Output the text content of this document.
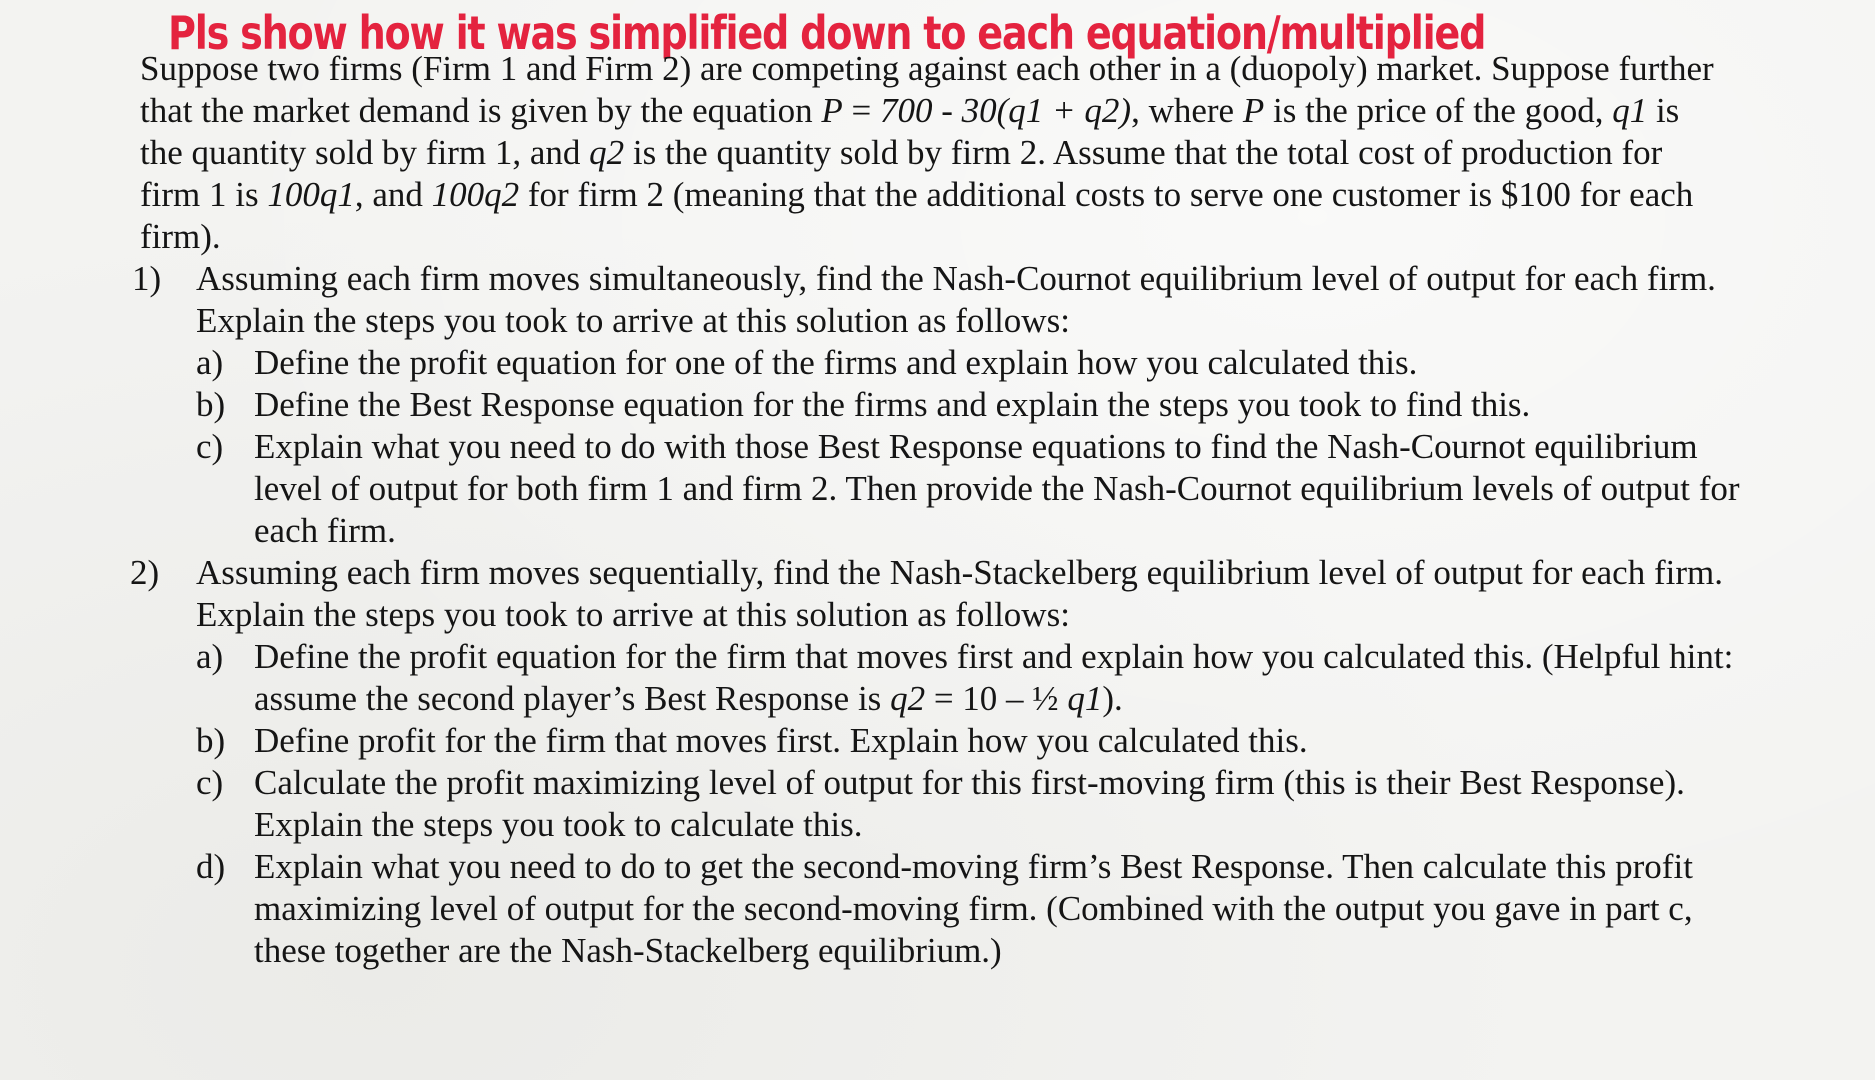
Pls show how it was simplified down to each equation/multiplied

Suppose two firms (Firm 1 and Firm 2) are competing against each other in a (duopoly) market. Suppose further that the market demand is given by the equation P = 700 - 30(q1 + q2), where P is the price of the good, q1 is the quantity sold by firm 1, and q2 is the quantity sold by firm 2. Assume that the total cost of production for firm 1 is 100q1, and 100q2 for firm 2 (meaning that the additional costs to serve one customer is $100 for each firm).

1) Assuming each firm moves simultaneously, find the Nash-Cournot equilibrium level of output for each firm. Explain the steps you took to arrive at this solution as follows:
a) Define the profit equation for one of the firms and explain how you calculated this.
b) Define the Best Response equation for the firms and explain the steps you took to find this.
c) Explain what you need to do with those Best Response equations to find the Nash-Cournot equilibrium level of output for both firm 1 and firm 2. Then provide the Nash-Cournot equilibrium levels of output for each firm.
2) Assuming each firm moves sequentially, find the Nash-Stackelberg equilibrium level of output for each firm. Explain the steps you took to arrive at this solution as follows:
a) Define the profit equation for the firm that moves first and explain how you calculated this. (Helpful hint: assume the second player’s Best Response is q2 = 10 – ½ q1).
b) Define profit for the firm that moves first. Explain how you calculated this.
c) Calculate the profit maximizing level of output for this first-moving firm (this is their Best Response). Explain the steps you took to calculate this.
d) Explain what you need to do to get the second-moving firm’s Best Response. Then calculate this profit maximizing level of output for the second-moving firm. (Combined with the output you gave in part c, these together are the Nash-Stackelberg equilibrium.)
